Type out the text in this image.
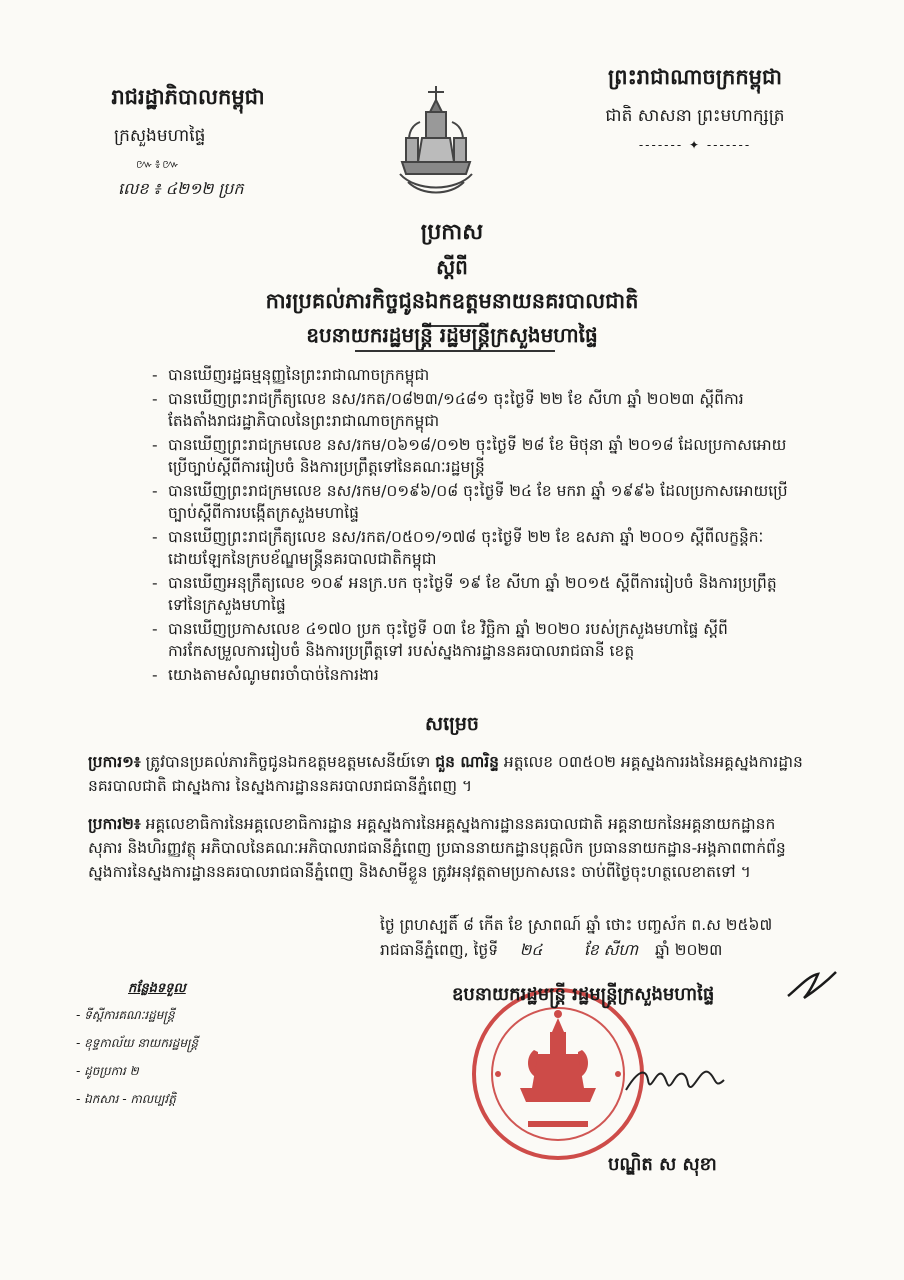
រាជរដ្ឋាភិបាលកម្ពុជា
ក្រសួងមហាផ្ទៃ
៚៖៚
លេខ ៖ ៤២១២ ប្រក
ព្រះរាជាណាចក្រកម្ពុជា
ជាតិ សាសនា ព្រះមហាក្សត្រ
------- ✦ -------
ប្រកាស
ស្តីពី
ការប្រគល់ភារកិច្ចជូនឯកឧត្តមនាយនគរបាលជាតិ
ឧបនាយករដ្ឋមន្ត្រី រដ្ឋមន្ត្រីក្រសួងមហាផ្ទៃ
- បានឃើញរដ្ឋធម្មនុញ្ញនៃព្រះរាជាណាចក្រកម្ពុជា
- បានឃើញព្រះរាជក្រឹត្យលេខ នស/រកត/០៨២៣/១៤៨១ ចុះថ្ងៃទី ២២ ខែ សីហា ឆ្នាំ ២០២៣ ស្តីពីការតែងតាំងរាជរដ្ឋាភិបាលនៃព្រះរាជាណាចក្រកម្ពុជា
- បានឃើញព្រះរាជក្រមលេខ នស/រកម/០៦១៨/០១២ ចុះថ្ងៃទី ២៨ ខែ មិថុនា ឆ្នាំ ២០១៨ ដែលប្រកាសអោយប្រើច្បាប់ស្តីពីការរៀបចំ និងការប្រព្រឹត្តទៅនៃគណៈរដ្ឋមន្ត្រី
- បានឃើញព្រះរាជក្រមលេខ នស/រកម/០១៩៦/០៨ ចុះថ្ងៃទី ២៤ ខែ មករា ឆ្នាំ ១៩៩៦ ដែលប្រកាសអោយប្រើច្បាប់ស្តីពីការបង្កើតក្រសួងមហាផ្ទៃ
- បានឃើញព្រះរាជក្រឹត្យលេខ នស/រកត/០៥០១/១៧៨ ចុះថ្ងៃទី ២២ ខែ ឧសភា ឆ្នាំ ២០០១ ស្តីពីលក្ខន្តិកៈដោយឡែកនៃក្របខ័ណ្ឌមន្ត្រីនគរបាលជាតិកម្ពុជា
- បានឃើញអនុក្រឹត្យលេខ ១០៩ អនក្រ.បក ចុះថ្ងៃទី ១៩ ខែ សីហា ឆ្នាំ ២០១៥ ស្តីពីការរៀបចំ និងការប្រព្រឹត្តទៅនៃក្រសួងមហាផ្ទៃ
- បានឃើញប្រកាសលេខ ៤១៧០ ប្រក ចុះថ្ងៃទី ០៣ ខែ វិច្ឆិកា ឆ្នាំ ២០២០ របស់ក្រសួងមហាផ្ទៃ ស្តីពីការកែសម្រួលការរៀបចំ និងការប្រព្រឹត្តទៅ របស់ស្នងការដ្ឋាននគរបាលរាជធានី ខេត្ត
- យោងតាមសំណូមពរចាំបាច់នៃការងារ
សម្រេច
ប្រការ១៖ ត្រូវបានប្រគល់ភារកិច្ចជូនឯកឧត្តមឧត្តមសេនីយ៍ទោ ជួន ណារិន្ទ អត្តលេខ ០៣៥០២ អគ្គស្នងការរងនៃអគ្គស្នងការដ្ឋាននគរបាលជាតិ ជាស្នងការ នៃស្នងការដ្ឋាននគរបាលរាជធានីភ្នំពេញ ។
ប្រការ២៖ អគ្គលេខាធិការនៃអគ្គលេខាធិការដ្ឋាន អគ្គស្នងការនៃអគ្គស្នងការដ្ឋាននគរបាលជាតិ អគ្គនាយកនៃអគ្គនាយកដ្ឋានកសុភារ និងហិរញ្ញវត្ថុ អភិបាលនៃគណៈអភិបាលរាជធានីភ្នំពេញ ប្រធាននាយកដ្ឋានបុគ្គលិក ប្រធាននាយកដ្ឋាន-អង្គភាពពាក់ព័ន្ធ ស្នងការនៃស្នងការដ្ឋាននគរបាលរាជធានីភ្នំពេញ និងសាមីខ្លួន ត្រូវអនុវត្តតាមប្រកាសនេះ ចាប់ពីថ្ងៃចុះហត្ថលេខាតទៅ ។
ថ្ងៃ ព្រហស្បតិ៍ ៨ កើត ខែ ស្រាពណ៍ ឆ្នាំ ថោះ បញ្ចស័ក ព.ស ២៥៦៧
រាជធានីភ្នំពេញ, ថ្ងៃទី ២៤	ខែ សីហា ឆ្នាំ ២០២៣
កន្លែងទទួល
- ទីស្តីការគណៈរដ្ឋមន្ត្រី
- ខុទ្ទកាល័យ នាយករដ្ឋមន្ត្រី
- ដូចប្រការ ២
- ឯកសារ - កាលប្បវត្តិ
ឧបនាយករដ្ឋមន្ត្រី រដ្ឋមន្ត្រីក្រសួងមហាផ្ទៃ
បណ្ឌិត ស សុខា
